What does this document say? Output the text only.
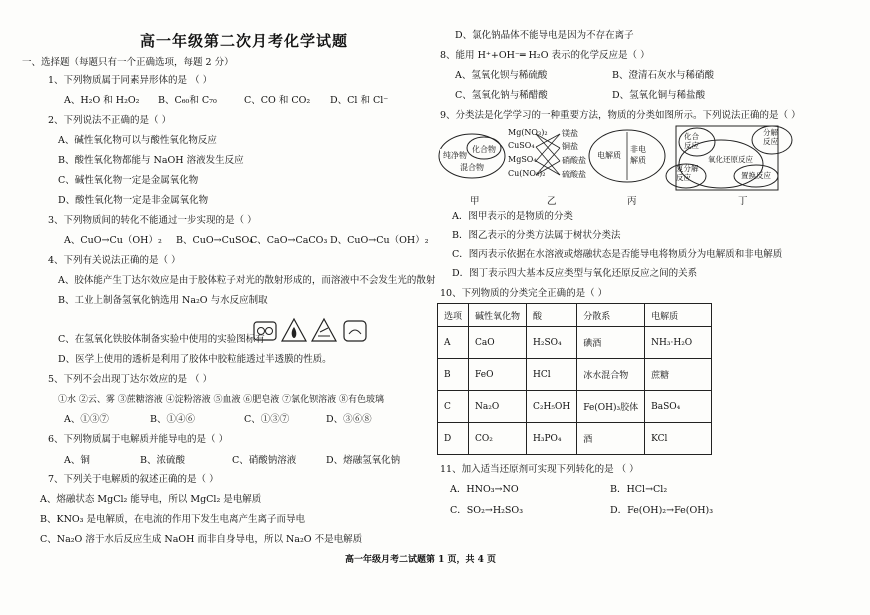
高一年级第二次月考化学试题
一、选择题（每题只有一个正确选项，每题 2 分）
1、下列物质属于同素异形体的是 （ ）
A、H₂O 和 H₂O₂ B、C₆₀和 C₇₀	C、CO 和 CO₂ D、Cl 和 Cl⁻
2、下列说法不正确的是（ ）
A、碱性氧化物可以与酸性氧化物反应
B、酸性氧化物都能与 NaOH 溶液发生反应
C、碱性氧化物一定是金属氧化物
D、酸性氧化物一定是非金属氧化物
3、下列物质间的转化不能通过一步实现的是（ ）
A、CuO→Cu（OH）₂ B、CuO→CuSO₄
C、CaO→CaCO₃ D、CuO→Cu（OH）₂
4、下列有关说法正确的是（ ）
A、胶体能产生丁达尔效应是由于胶体粒子对光的散射形成的，而溶液中不会发生光的散射
B、工业上制备氢氧化钠选用 Na₂O 与水反应制取
C、在氢氧化铁胶体制备实验中使用的实验图标有
D、医学上使用的透析是利用了胶体中胶粒能透过半透膜的性质。
5、下列不会出现丁达尔效应的是 （ ）
①水 ②云、雾 ③蔗糖溶液 ④淀粉溶液 ⑤血液 ⑥肥皂液 ⑦氯化钡溶液 ⑧有色玻璃
A、①③⑦	B、①④⑥	C、①③⑦	D、③⑥⑧
6、下列物质属于电解质并能导电的是（ ）
A、铜	B、浓硫酸	C、硝酸钠溶液	D、熔融氢氧化钠
7、下列关于电解质的叙述正确的是（ ）
A、熔融状态 MgCl₂ 能导电，所以 MgCl₂ 是电解质
B、KNO₃ 是电解质，在电流的作用下发生电离产生离子而导电
C、Na₂O 溶于水后反应生成 NaOH 而非自身导电，所以 Na₂O 不是电解质
D、氯化钠晶体不能导电是因为不存在离子
8、能用 H⁺+OH⁻═ H₂O 表示的化学反应是（ ）
A、氢氧化钡与稀硫酸	B、澄清石灰水与稀硝酸
C、氢氧化钠与稀醋酸	D、氢氧化铜与稀盐酸
9、分类法是化学学习的一种重要方法，物质的分类如图所示。下列说法正确的是（ ）
纯净物
化合物
混合物
Mg(NO₃)₂
CuSO₄
MgSO₄
Cu(NO₃)₂
镁盐
铜盐
硝酸盐
硫酸盐
电解质
非电解质
化合反应
分解反应
氧化还原反应
复分解反应	置换反应
甲	乙	丙	丁
A．图甲表示的是物质的分类
B．图乙表示的分类方法属于树状分类法
C．图丙表示依据在水溶液或熔融状态是否能导电将物质分为电解质和非电解质
D．图丁表示四大基本反应类型与氧化还原反应之间的关系
10、下列物质的分类完全正确的是（ ）
选项	碱性氧化物	酸	分散系	电解质
A	CaO	H₂SO₄	碘酒	NH₃·H₂O
B	FeO	HCl	冰水混合物	蔗糖
C	Na₂O	C₂H₅OH	Fe(OH)₃胶体	BaSO₄
D	CO₂	H₃PO₄	酒	KCl
11、加入适当还原剂可实现下列转化的是 （ ）
A．HNO₃→NO	B．HCl→Cl₂
C．SO₂→H₂SO₃	D．Fe(OH)₂→Fe(OH)₃
高一年级月考二试题第 1 页，共 4 页
